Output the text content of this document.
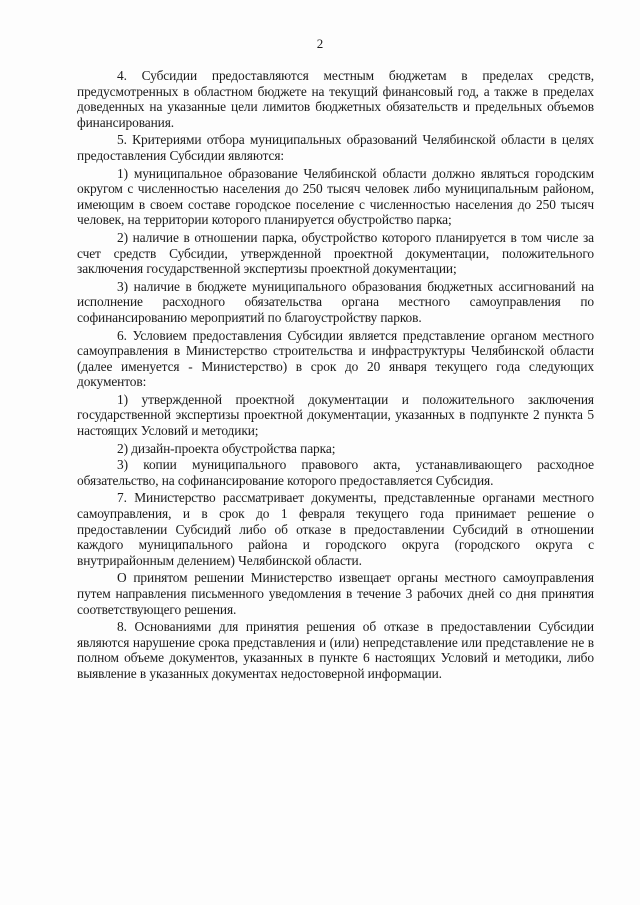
2

4. Субсидии предоставляются местным бюджетам в пределах средств, предусмотренных в областном бюджете на текущий финансовый год, а также в пределах доведенных на указанные цели лимитов бюджетных обязательств и предельных объемов финансирования.

5. Критериями отбора муниципальных образований Челябинской области в целях предоставления Субсидии являются:

1) муниципальное образование Челябинской области должно являться городским округом с численностью населения до 250 тысяч человек либо муниципальным районом, имеющим в своем составе городское поселение с численностью населения до 250 тысяч человек, на территории которого планируется обустройство парка;

2) наличие в отношении парка, обустройство которого планируется в том числе за счет средств Субсидии, утвержденной проектной документации, положительного заключения государственной экспертизы проектной документации;

3) наличие в бюджете муниципального образования бюджетных ассигнований на исполнение расходного обязательства органа местного самоуправления по софинансированию мероприятий по благоустройству парков.

6. Условием предоставления Субсидии является представление органом местного самоуправления в Министерство строительства и инфраструктуры Челябинской области (далее именуется - Министерство) в срок до 20 января текущего года следующих документов:

1) утвержденной проектной документации и положительного заключения государственной экспертизы проектной документации, указанных в подпункте 2 пункта 5 настоящих Условий и методики;

2) дизайн-проекта обустройства парка;

3) копии муниципального правового акта, устанавливающего расходное обязательство, на софинансирование которого предоставляется Субсидия.

7. Министерство рассматривает документы, представленные органами местного самоуправления, и в срок до 1 февраля текущего года принимает решение о предоставлении Субсидий либо об отказе в предоставлении Субсидий в отношении каждого муниципального района и городского округа (городского округа с внутрирайонным делением) Челябинской области.

О принятом решении Министерство извещает органы местного самоуправления путем направления письменного уведомления в течение 3 рабочих дней со дня принятия соответствующего решения.

8. Основаниями для принятия решения об отказе в предоставлении Субсидии являются нарушение срока представления и (или) непредставление или представление не в полном объеме документов, указанных в пункте 6 настоящих Условий и методики, либо выявление в указанных документах недостоверной информации.
